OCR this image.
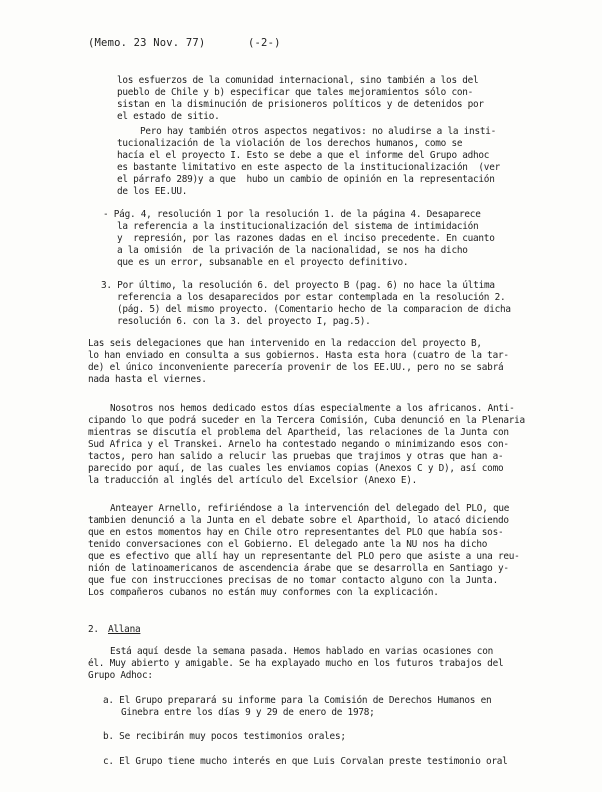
(Memo. 23 Nov. 77)	(-2-)
los esfuerzos de la comunidad internacional, sino también a los del
pueblo de Chile y b) especificar que tales mejoramientos sólo con-
sistan en la disminución de prisioneros políticos y de detenidos por
el estado de sitio.
Pero hay también otros aspectos negativos: no aludirse a la insti-
tucionalización de la violación de los derechos humanos, como se
hacía el el proyecto I. Esto se debe a que el informe del Grupo adhoc
es bastante limitativo en este aspecto de la institucionalización  (ver
el párrafo 289)y a que  hubo un cambio de opinión en la representación
de los EE.UU.
- Pág. 4, resolución 1 por la resolución 1. de la página 4. Desaparece
la referencia a la institucionalización del sistema de intimidación
y  represión, por las razones dadas en el inciso precedente. En cuanto
a la omisión  de la privación de la nacionalidad, se nos ha dicho
que es un error, subsanable en el proyecto definitivo.
3. Por último, la resolución 6. del proyecto B (pag. 6) no hace la última
referencia a los desaparecidos por estar contemplada en la resolución 2.
(pág. 5) del mismo proyecto. (Comentario hecho de la comparacion de dicha
resolución 6. con la 3. del proyecto I, pag.5).
Las seis delegaciones que han intervenido en la redaccion del proyecto B,
lo han enviado en consulta a sus gobiernos. Hasta esta hora (cuatro de la tar-
de) el único inconveniente parecería provenir de los EE.UU., pero no se sabrá
nada hasta el viernes.
Nosotros nos hemos dedicado estos días especialmente a los africanos. Anti-
cipando lo que podrá suceder en la Tercera Comisión, Cuba denunció en la Plenaria
mientras se discutía el problema del Apartheid, las relaciones de la Junta con
Sud Africa y el Transkei. Arnelo ha contestado negando o minimizando esos con-
tactos, pero han salido a relucir las pruebas que trajimos y otras que han a-
parecido por aquí, de las cuales les enviamos copias (Anexos C y D), así como
la traducción al inglés del artículo del Excelsior (Anexo E).
Anteayer Arnello, refiriéndose a la intervención del delegado del PLO, que
tambien denunció a la Junta en el debate sobre el Aparthoid, lo atacó diciendo
que en estos momentos hay en Chile otro representantes del PLO que había sos-
tenido conversaciones con el Gobierno. El delegado ante la NU nos ha dicho
que es efectivo que allí hay un representante del PLO pero que asiste a una reu-
nión de latinoamericanos de ascendencia árabe que se desarrolla en Santiago y-
que fue con instrucciones precisas de no tomar contacto alguno con la Junta.
Los compañeros cubanos no están muy conformes con la explicación.
2. Allana
Está aquí desde la semana pasada. Hemos hablado en varias ocasiones con
él. Muy abierto y amigable. Se ha explayado mucho en los futuros trabajos del
Grupo Adhoc:
a. El Grupo preparará su informe para la Comisión de Derechos Humanos en
Ginebra entre los días 9 y 29 de enero de 1978;
b. Se recibirán muy pocos testimonios orales;
c. El Grupo tiene mucho interés en que Luis Corvalan preste testimonio oral
